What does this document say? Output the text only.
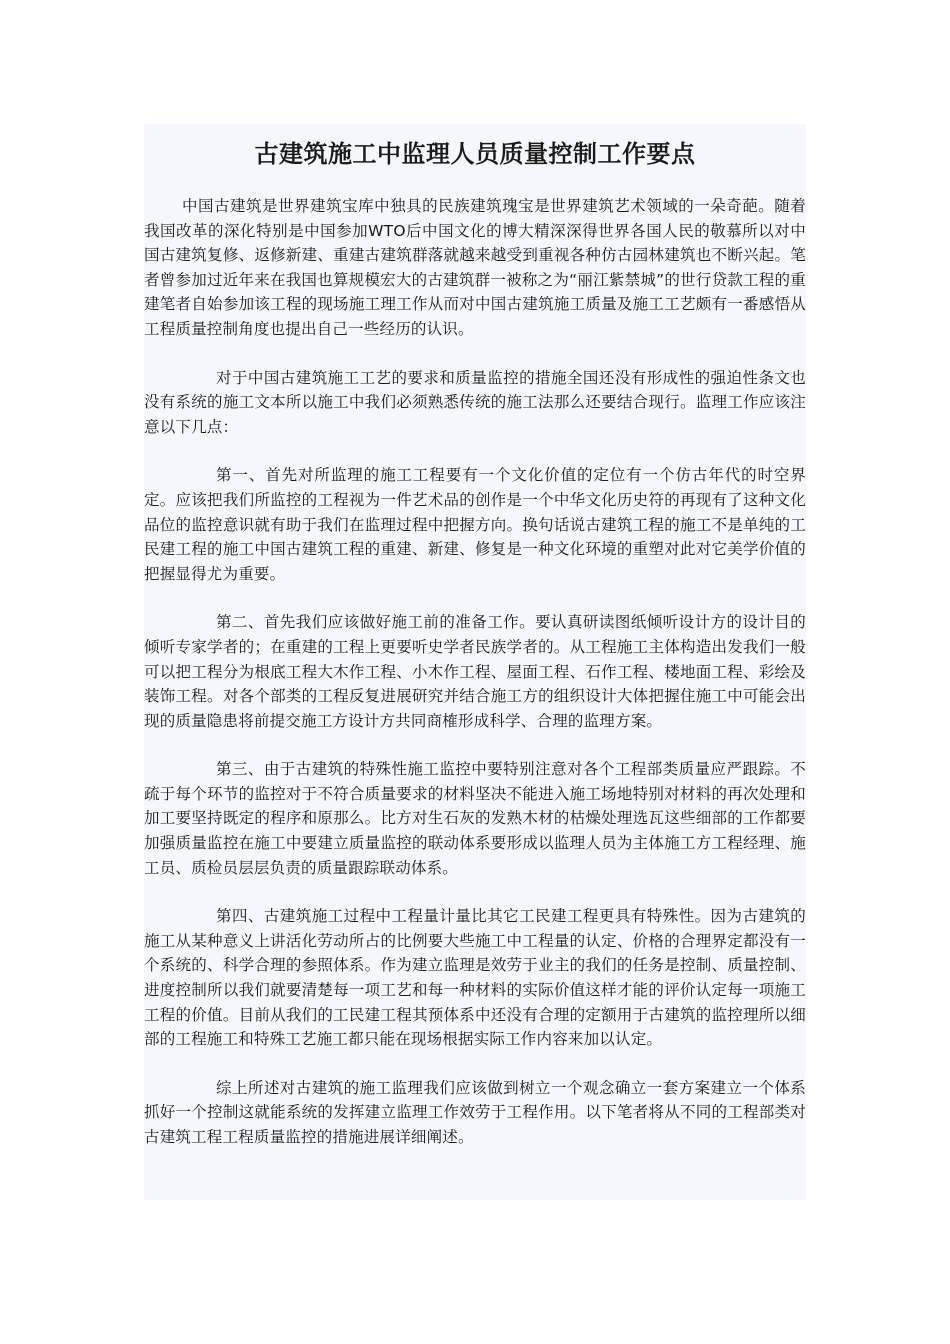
古建筑施工中监理人员质量控制工作要点

中国古建筑是世界建筑宝库中独具的民族建筑瑰宝是世界建筑艺术领域的一朵奇葩。随着我国改革的深化特别是中国参加WTO后中国文化的博大精深深得世界各国人民的敬慕所以对中国古建筑复修、返修新建、重建古建筑群落就越来越受到重视各种仿古园林建筑也不断兴起。笔者曾参加过近年来在我国也算规模宏大的古建筑群一被称之为“丽江紫禁城”的世行贷款工程的重建笔者自始参加该工程的现场施工理工作从而对中国古建筑施工质量及施工工艺颇有一番感悟从工程质量控制角度也提出自己一些经历的认识。

对于中国古建筑施工工艺的要求和质量监控的措施全国还没有形成性的强迫性条文也没有系统的施工文本所以施工中我们必须熟悉传统的施工法那么还要结合现行。监理工作应该注意以下几点：

第一、首先对所监理的施工工程要有一个文化价值的定位有一个仿古年代的时空界定。应该把我们所监控的工程视为一件艺术品的创作是一个中华文化历史符的再现有了这种文化品位的监控意识就有助于我们在监理过程中把握方向。换句话说古建筑工程的施工不是单纯的工民建工程的施工中国古建筑工程的重建、新建、修复是一种文化环境的重塑对此对它美学价值的把握显得尤为重要。

第二、首先我们应该做好施工前的准备工作。要认真研读图纸倾听设计方的设计目的倾听专家学者的；在重建的工程上更要听史学者民族学者的。从工程施工主体构造出发我们一般可以把工程分为根底工程大木作工程、小木作工程、屋面工程、石作工程、楼地面工程、彩绘及装饰工程。对各个部类的工程反复进展研究并结合施工方的组织设计大体把握住施工中可能会出现的质量隐患将前提交施工方设计方共同商榷形成科学、合理的监理方案。

第三、由于古建筑的特殊性施工监控中要特别注意对各个工程部类质量应严跟踪。不疏于每个环节的监控对于不符合质量要求的材料坚决不能进入施工场地特别对材料的再次处理和加工要坚持既定的程序和原那么。比方对生石灰的发熟木材的枯燥处理选瓦这些细部的工作都要加强质量监控在施工中要建立质量监控的联动体系要形成以监理人员为主体施工方工程经理、施工员、质检员层层负责的质量跟踪联动体系。

第四、古建筑施工过程中工程量计量比其它工民建工程更具有特殊性。因为古建筑的施工从某种意义上讲活化劳动所占的比例要大些施工中工程量的认定、价格的合理界定都没有一个系统的、科学合理的参照体系。作为建立监理是效劳于业主的我们的任务是控制、质量控制、进度控制所以我们就要清楚每一项工艺和每一种材料的实际价值这样才能的评价认定每一项施工工程的价值。目前从我们的工民建工程其预体系中还没有合理的定额用于古建筑的监控理所以细部的工程施工和特殊工艺施工都只能在现场根据实际工作内容来加以认定。

综上所述对古建筑的施工监理我们应该做到树立一个观念确立一套方案建立一个体系抓好一个控制这就能系统的发挥建立监理工作效劳于工程作用。以下笔者将从不同的工程部类对古建筑工程工程质量监控的措施进展详细阐述。
